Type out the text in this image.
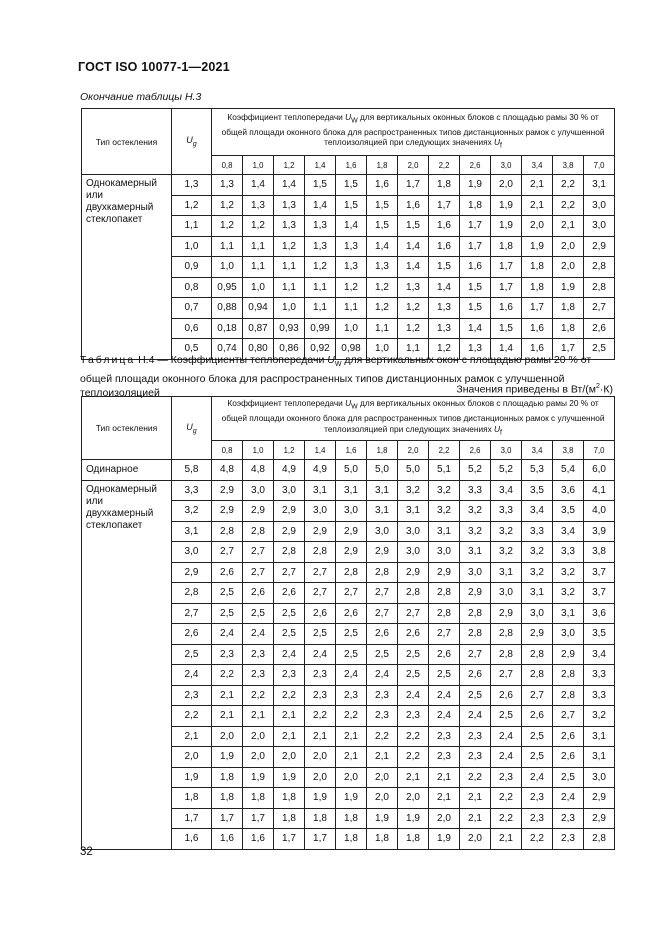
ГОСТ ISO 10077-1—2021
Окончание таблицы Н.3
Тип остекления	$U_g$	Коэффициент теплопередачи $U_W$ для вертикальных оконных блоков с площадью рамы 30 % от общей площади оконного блока для распространенных типов дистанционных рамок с улучшенной теплоизоляцией при следующих значениях $U_f$
		0,8	1,0	1,2	1,4	1,6	1,8	2,0	2,2	2,6	3,0	3,4	3,8	7,0
Однокамерный или двухкамерный стеклопакет	1,3	1,3	1,4	1,4	1,5	1,5	1,6	1,7	1,8	1,9	2,0	2,1	2,2	3,1
	1,2	1,2	1,3	1,3	1,4	1,5	1,5	1,6	1,7	1,8	1,9	2,1	2,2	3,0
	1,1	1,2	1,2	1,3	1,3	1,4	1,5	1,5	1,6	1,7	1,9	2,0	2,1	3,0
	1,0	1,1	1,1	1,2	1,3	1,3	1,4	1,4	1,6	1,7	1,8	1,9	2,0	2,9
	0,9	1,0	1,1	1,1	1,2	1,3	1,3	1,4	1,5	1,6	1,7	1,8	2,0	2,8
	0,8	0,95	1,0	1,1	1,1	1,2	1,2	1,3	1,4	1,5	1,7	1,8	1,9	2,8
	0,7	0,88	0,94	1,0	1,1	1,1	1,2	1,2	1,3	1,5	1,6	1,7	1,8	2,7
	0,6	0,18	0,87	0,93	0,99	1,0	1,1	1,2	1,3	1,4	1,5	1,6	1,8	2,6
	0,5	0,74	0,80	0,86	0,92	0,98	1,0	1,1	1,2	1,3	1,4	1,6	1,7	2,5
Таблица Н.4 — Коэффициенты теплопередачи $U_W$ для вертикальных окон с площадью рамы 20 % от общей площади оконного блока для распространенных типов дистанционных рамок с улучшенной теплоизоляцией	Значения приведены в $Вт/(м^2\cdot К)$
Тип остекления	$U_g$	Коэффициент теплопередачи $U_W$ для вертикальных оконных блоков с площадью рамы 20 % от общей площади оконного блока для распространенных типов дистанционных рамок с улучшенной теплоизоляцией при следующих значениях $U_f$
		0,8	1,0	1,2	1,4	1,6	1,8	2,0	2,2	2,6	3,0	3,4	3,8	7,0
Одинарное	5,8	4,8	4,8	4,9	4,9	5,0	5,0	5,0	5,1	5,2	5,2	5,3	5,4	6,0
Однокамерный или двухкамерный стеклопакет	3,3	2,9	3,0	3,0	3,1	3,1	3,1	3,2	3,2	3,3	3,4	3,5	3,6	4,1
	3,2	2,9	2,9	2,9	3,0	3,0	3,1	3,1	3,2	3,2	3,3	3,4	3,5	4,0
	3,1	2,8	2,8	2,9	2,9	2,9	3,0	3,0	3,1	3,2	3,2	3,3	3,4	3,9
	3,0	2,7	2,7	2,8	2,8	2,9	2,9	3,0	3,0	3,1	3,2	3,2	3,3	3,8
	2,9	2,6	2,7	2,7	2,7	2,8	2,8	2,9	2,9	3,0	3,1	3,2	3,2	3,7
	2,8	2,5	2,6	2,6	2,7	2,7	2,7	2,8	2,8	2,9	3,0	3,1	3,2	3,7
	2,7	2,5	2,5	2,5	2,6	2,6	2,7	2,7	2,8	2,8	2,9	3,0	3,1	3,6
	2,6	2,4	2,4	2,5	2,5	2,5	2,6	2,6	2,7	2,8	2,8	2,9	3,0	3,5
	2,5	2,3	2,3	2,4	2,4	2,5	2,5	2,5	2,6	2,7	2,8	2,8	2,9	3,4
	2,4	2,2	2,3	2,3	2,3	2,4	2,4	2,5	2,5	2,6	2,7	2,8	2,8	3,3
	2,3	2,1	2,2	2,2	2,3	2,3	2,3	2,4	2,4	2,5	2,6	2,7	2,8	3,3
	2,2	2,1	2,1	2,1	2,2	2,2	2,3	2,3	2,4	2,4	2,5	2,6	2,7	3,2
	2,1	2,0	2,0	2,1	2,1	2,1	2,2	2,2	2,3	2,3	2,4	2,5	2,6	3,1
	2,0	1,9	2,0	2,0	2,0	2,1	2,1	2,2	2,3	2,3	2,4	2,5	2,6	3,1
	1,9	1,8	1,9	1,9	2,0	2,0	2,0	2,1	2,1	2,2	2,3	2,4	2,5	3,0
	1,8	1,8	1,8	1,8	1,9	1,9	2,0	2,0	2,1	2,1	2,2	2,3	2,4	2,9
	1,7	1,7	1,7	1,8	1,8	1,8	1,9	1,9	2,0	2,1	2,2	2,3	2,3	2,9
	1,6	1,6	1,6	1,7	1,7	1,8	1,8	1,8	1,9	2,0	2,1	2,2	2,3	2,8
32
